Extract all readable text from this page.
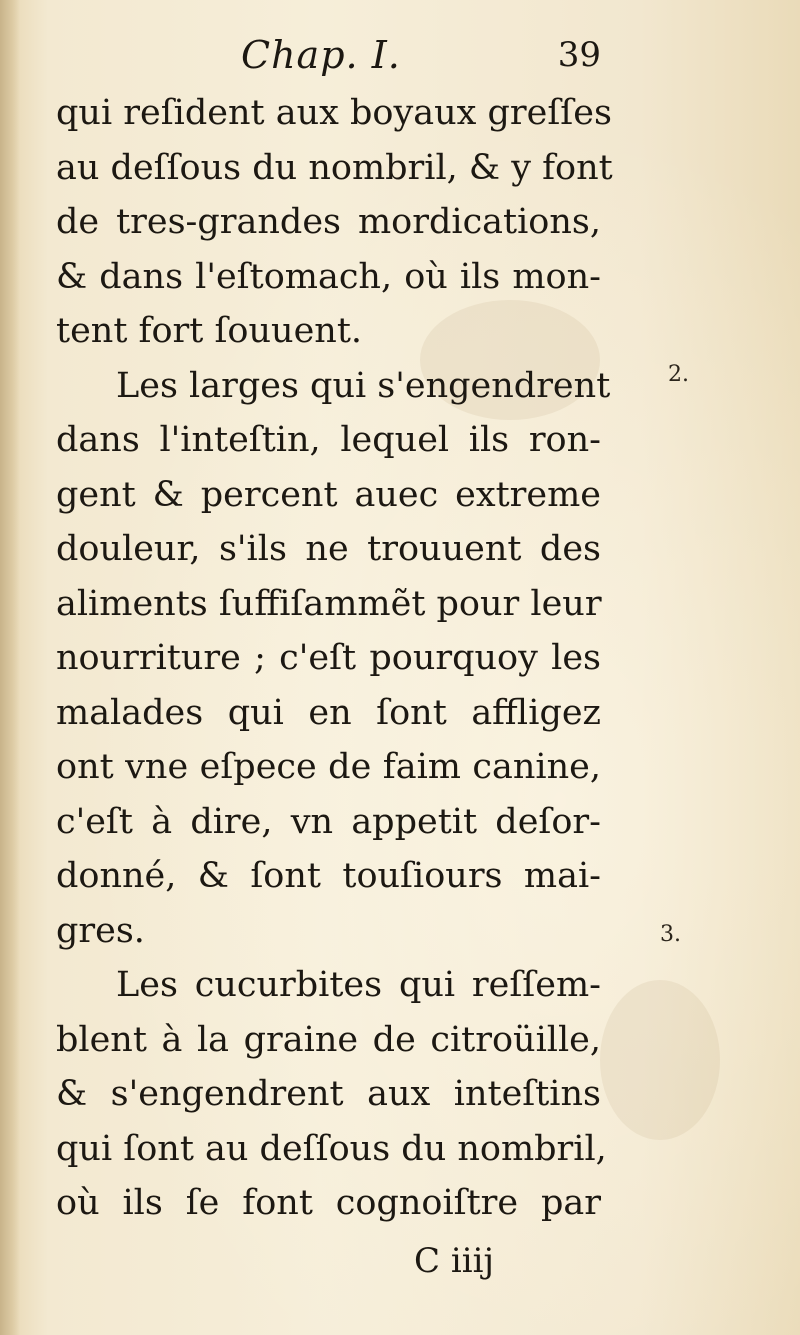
Chap. I.	39
qui reſident aux boyaux greſſes
au deſſous du nombril, & y font
de tres-grandes mordications,
& dans l'eſtomach, où ils mon-
tent fort ſouuent.
Les larges qui s'engendrent
dans l'inteſtin, lequel ils ron-
gent & percent auec extreme
douleur, s'ils ne trouuent des
aliments ſuffiſammẽt pour leur
nourriture ; c'eſt pourquoy les
malades qui en ſont affligez
ont vne eſpece de faim canine,
c'eſt à dire, vn appetit deſor-
donné, & ſont touſiours mai-
gres.
Les cucurbites qui reſſem-
blent à la graine de citroüille,
& s'engendrent aux inteſtins
qui ſont au deſſous du nombril,
où ils ſe font cognoiſtre par
C iiij
2.
3.
